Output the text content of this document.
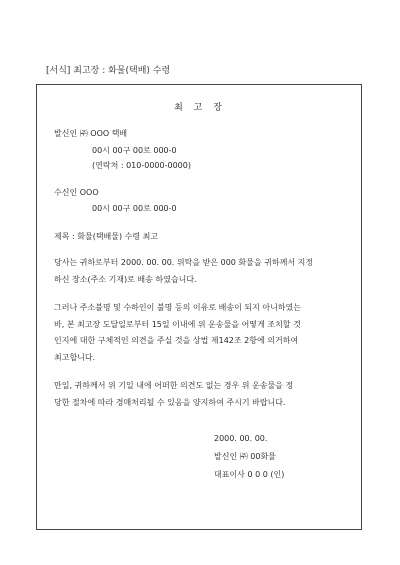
[서식] 최고장 : 화물(택배) 수령
최 고 장
발신인 ㈜ OOO 택배
00시 00구 00로 000-0
(연락처 : 010-0000-0000)
수신인 OOO
00시 00구 00로 000-0
제목 : 화물(택배물) 수령 최고
당사는 귀하로부터 2000. 00. 00. 위탁을 받은 000 화물을 귀하께서 지정
하신 장소(주소 기재)로 배송 하였습니다.
그러나 주소불명 및 수하인이 불명 등의 이유로 배송이 되지 아니하였는
바, 본 최고장 도달일로부터 15일 이내에 위 운송물을 어떻게 조치할 것
인지에 대한 구체적인 의견을 주실 것을 상법 제142조 2항에 의거하여
최고합니다.
만일, 귀하께서 위 기일 내에 어떠한 의견도 없는 경우 위 운송물을 정
당한 절차에 따라 경매처리될 수 있음을 양지하여 주시기 바랍니다.
2000. 00. 00.
발신인 ㈜ 00화물
대표이사 0 0 0 (인)
